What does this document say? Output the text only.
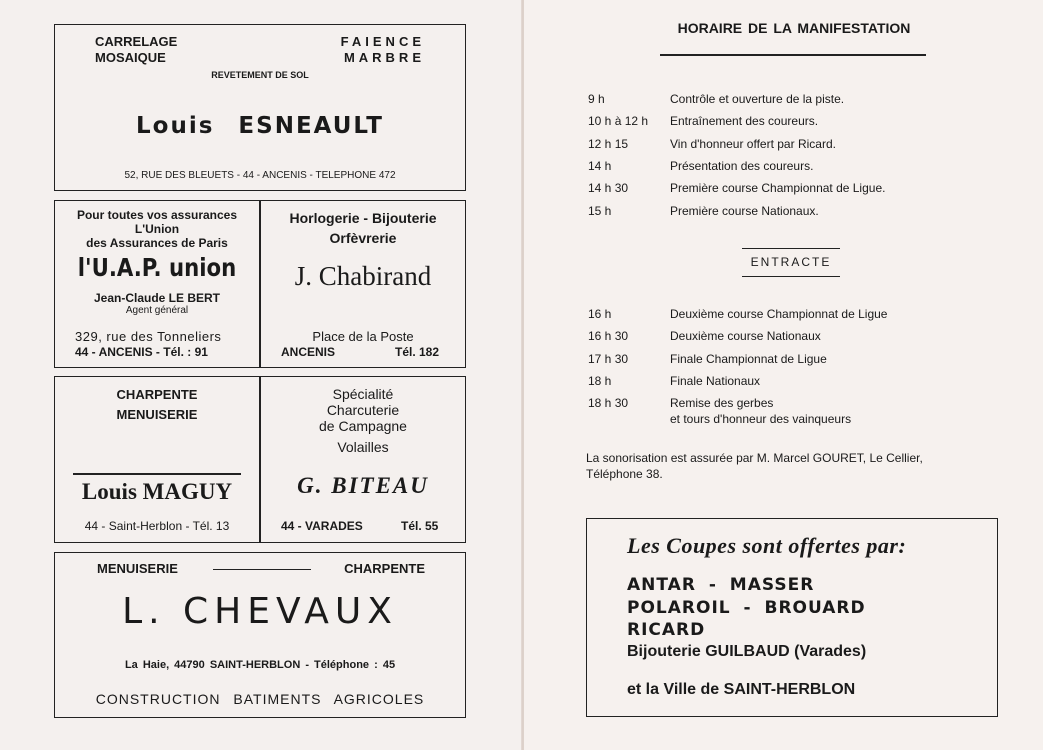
CARRELAGE
MOSAIQUE
FAIENCE
MARBRE
REVETEMENT DE SOL
Louis ESNEAULT
52, RUE DES BLEUETS - 44 - ANCENIS - TELEPHONE 472
Pour toutes vos assurances
L'Union
des Assurances de Paris
l'U.A.P. union
Jean-Claude LE BERT
Agent général
329, rue des Tonneliers
44 - ANCENIS - Tél. : 91
Horlogerie - Bijouterie
Orfèvrerie
J. Chabirand
Place de la Poste
ANCENIS	Tél. 182
CHARPENTE
MENUISERIE
Louis MAGUY
44 - Saint-Herblon - Tél. 13
Spécialité
Charcuterie
de Campagne
Volailles
G. BITEAU
44 - VARADES	Tél. 55
MENUISERIE	CHARPENTE
L. CHEVAUX
La Haie, 44790 SAINT-HERBLON - Téléphone : 45
CONSTRUCTION BATIMENTS AGRICOLES
HORAIRE DE LA MANIFESTATION
9 h	Contrôle et ouverture de la piste.
10 h à 12 h Entraînement des coureurs.
12 h 15	Vin d'honneur offert par Ricard.
14 h	Présentation des coureurs.
14 h 30	Première course Championnat de Ligue.
15 h	Première course Nationaux.
ENTRACTE
16 h	Deuxième course Championnat de Ligue
16 h 30	Deuxième course Nationaux
17 h 30	Finale Championnat de Ligue
18 h	Finale Nationaux
18 h 30	Remise des gerbes
et tours d'honneur des vainqueurs
La sonorisation est assurée par M. Marcel GOURET, Le Cellier,
Téléphone 38.
Les Coupes sont offertes par:
ANTAR - MASSER
POLAROIL - BROUARD
RICARD
Bijouterie GUILBAUD (Varades)
et la Ville de SAINT-HERBLON
